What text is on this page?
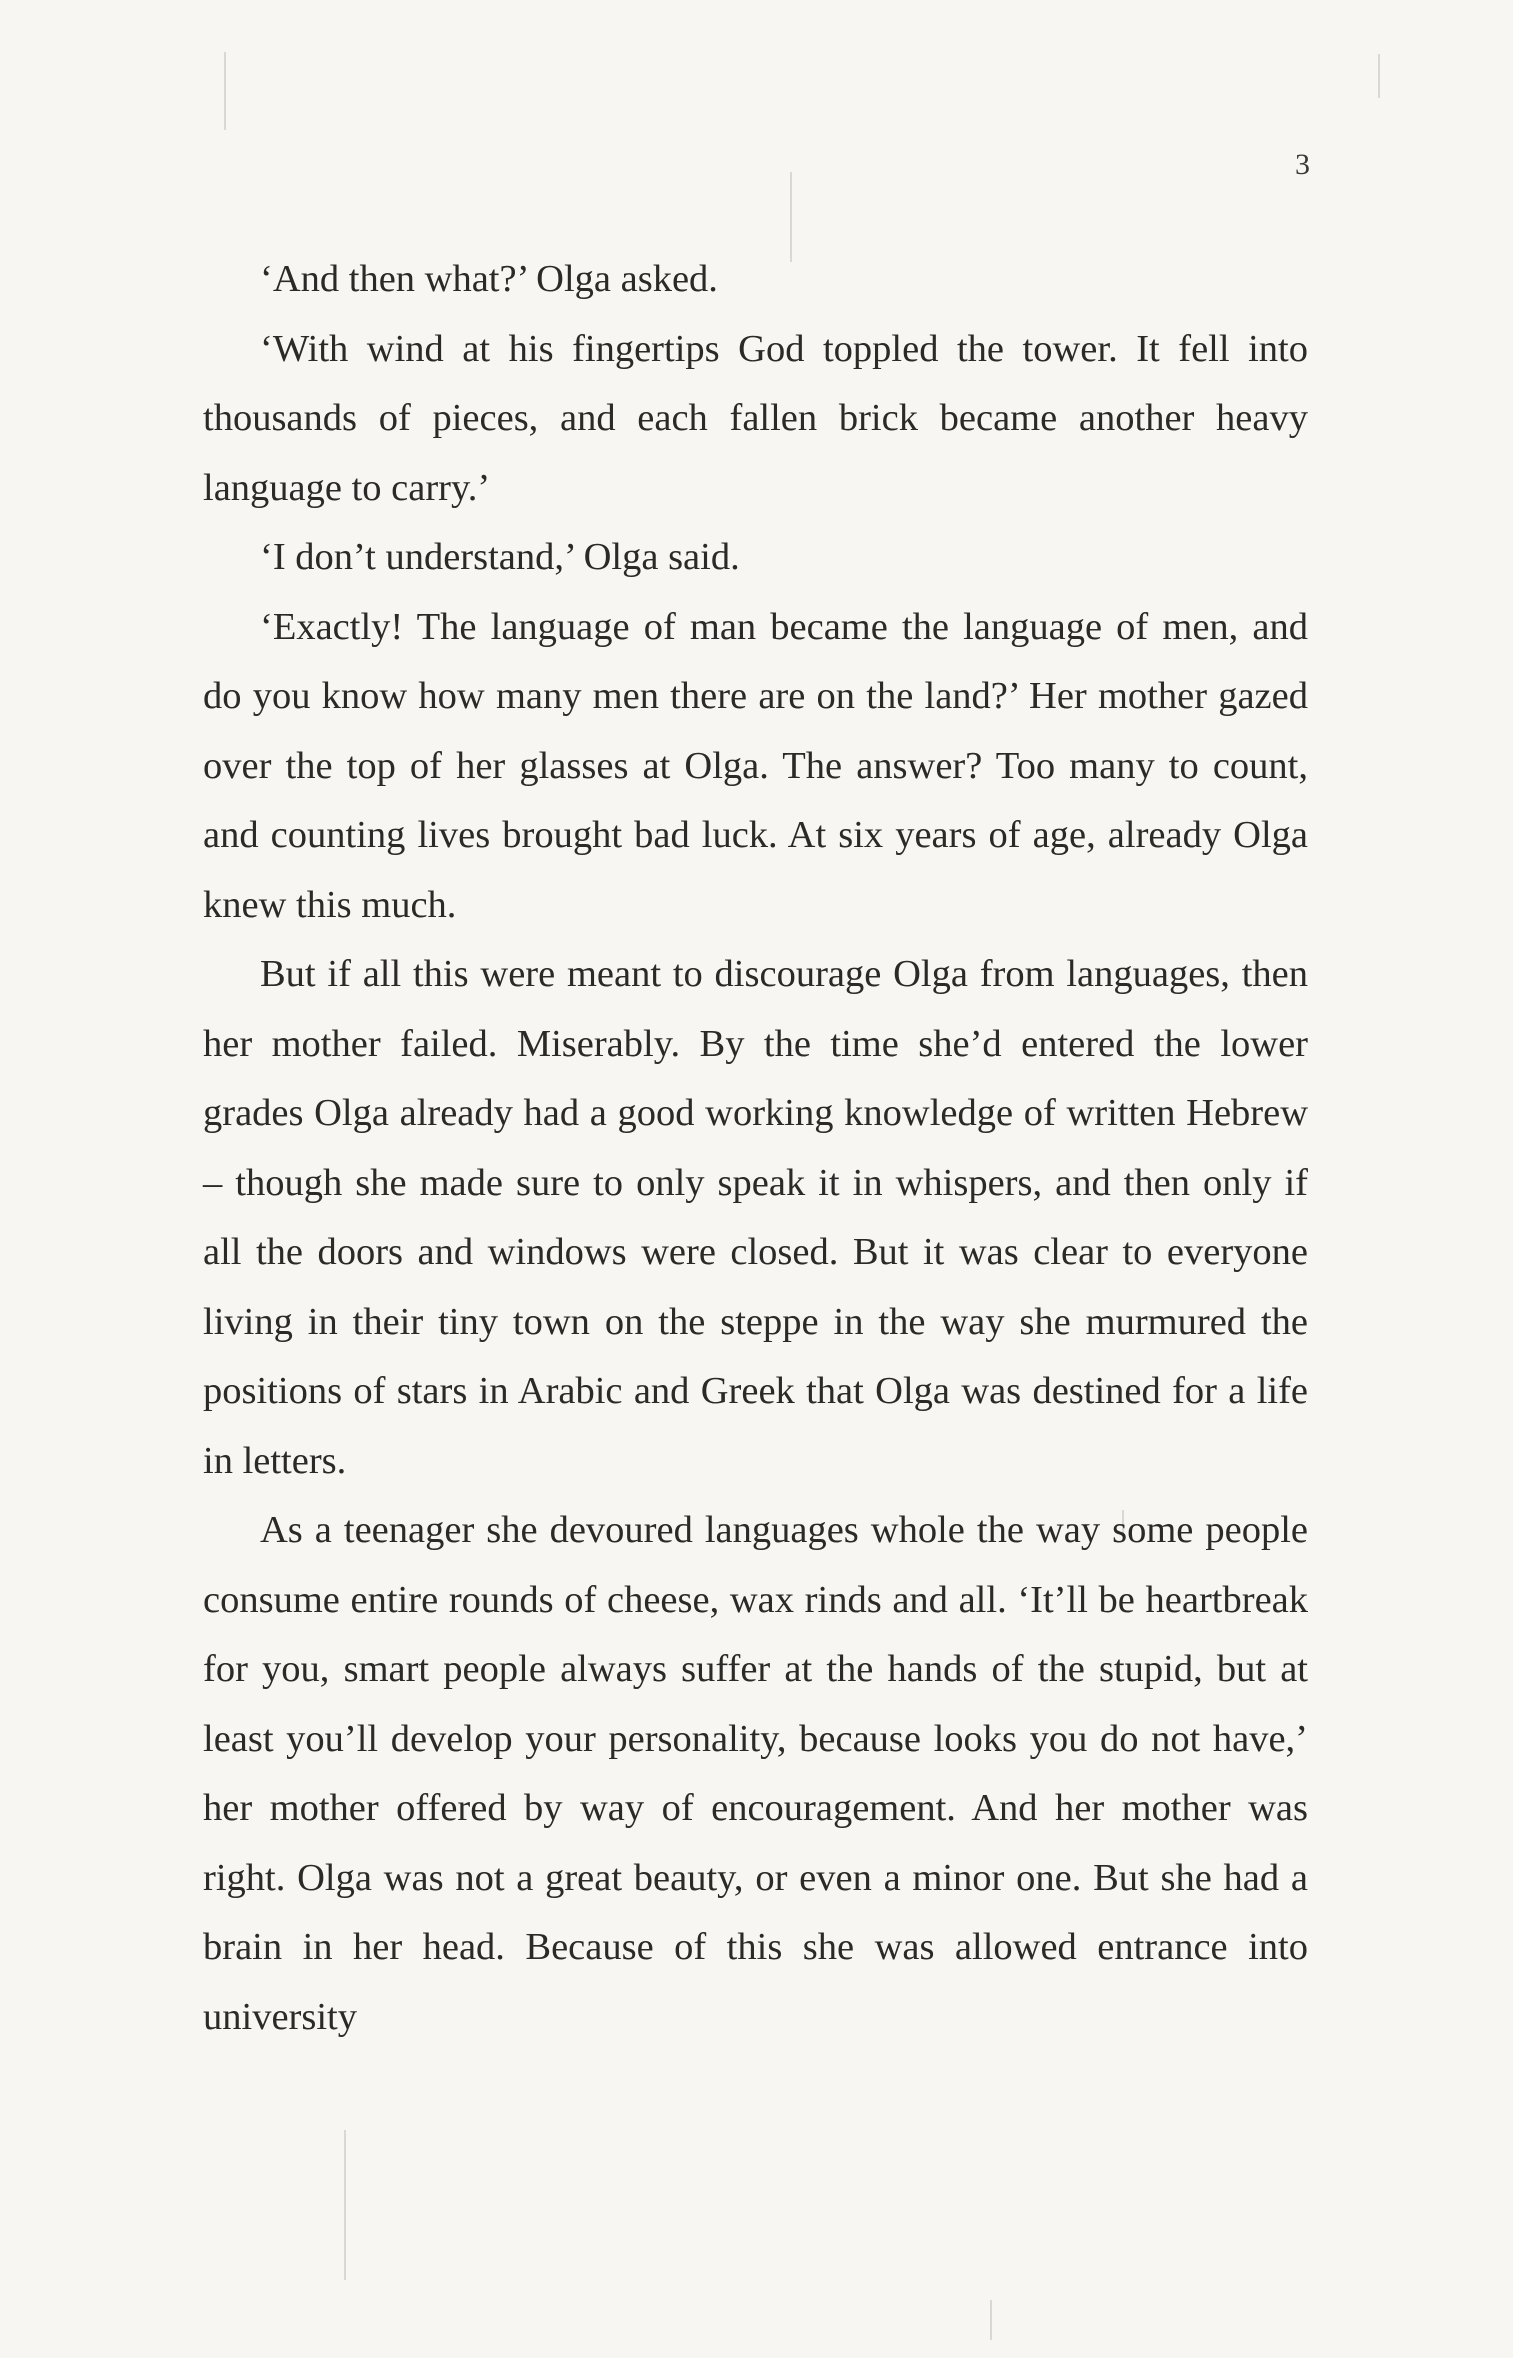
3

‘And then what?’ Olga asked.

‘With wind at his fingertips God toppled the tower. It fell into thousands of pieces, and each fallen brick became another heavy language to carry.’

‘I don’t understand,’ Olga said.

‘Exactly! The language of man became the language of men, and do you know how many men there are on the land?’ Her mother gazed over the top of her glasses at Olga. The answer? Too many to count, and counting lives brought bad luck. At six years of age, already Olga knew this much.

But if all this were meant to discourage Olga from languages, then her mother failed. Miserably. By the time she’d entered the lower grades Olga already had a good working knowledge of written Hebrew – though she made sure to only speak it in whispers, and then only if all the doors and windows were closed. But it was clear to everyone living in their tiny town on the steppe in the way she murmured the positions of stars in Arabic and Greek that Olga was destined for a life in letters.

As a teenager she devoured languages whole the way some people consume entire rounds of cheese, wax rinds and all. ‘It’ll be heartbreak for you, smart people always suffer at the hands of the stupid, but at least you’ll develop your personality, because looks you do not have,’ her mother offered by way of encouragement. And her mother was right. Olga was not a great beauty, or even a minor one. But she had a brain in her head. Because of this she was allowed entrance into university
